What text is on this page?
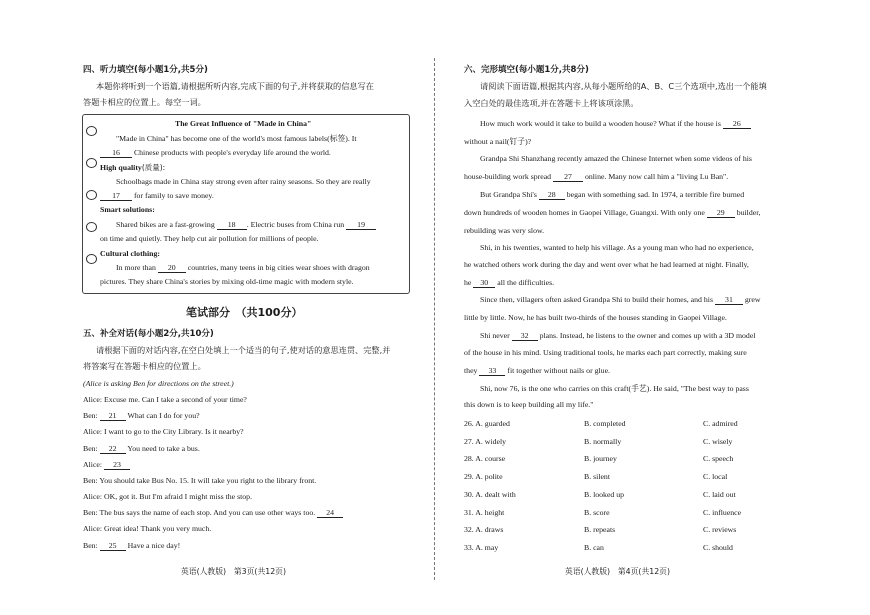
四、听力填空(每小题1分,共5分)
本题你将听到一个语篇,请根据所听内容,完成下面的句子,并将获取的信息写在
答题卡相应的位置上。每空一词。
The Great Influence of "Made in China"
"Made in China" has become one of the world's most famous labels(标签). It
16 Chinese products with people's everyday life around the world.
High quality(质量):
Schoolbags made in China stay strong even after rainy seasons. So they are really
17 for family to save money.
Smart solutions:
Shared bikes are a fast-growing 18 . Electric buses from China run 19
on time and quietly. They help cut air pollution for millions of people.
Cultural clothing:
In more than 20 countries, many teens in big cities wear shoes with dragon
pictures. They share China's stories by mixing old-time magic with modern style.
笔试部分　（共100分）
五、补全对话(每小题2分,共10分)
请根据下面的对话内容,在空白处填上一个适当的句子,使对话的意思连贯、完整,并
将答案写在答题卡相应的位置上。
(Alice is asking Ben for directions on the street.)
Alice: Excuse me. Can I take a second of your time?
Ben: 21 What can I do for you?
Alice: I want to go to the City Library. Is it nearby?
Ben: 22 You need to take a bus.
Alice: 23
Ben: You should take Bus No. 15. It will take you right to the library front.
Alice: OK, got it. But I'm afraid I might miss the stop.
Ben: The bus says the name of each stop. And you can use other ways too. 24
Alice: Great idea! Thank you very much.
Ben: 25 Have a nice day!
英语(人教版)　第3页(共12页)
六、完形填空(每小题1分,共8分)
请阅读下面语篇,根据其内容,从每小题所给的A、B、C三个选项中,选出一个能填
入空白处的最佳选项,并在答题卡上将该项涂黑。
How much work would it take to build a wooden house? What if the house is 26
without a nail(钉子)?
Grandpa Shi Shanzhang recently amazed the Chinese Internet when some videos of his
house-building work spread 27 online. Many now call him a "living Lu Ban".
But Grandpa Shi's 28 began with something sad. In 1974, a terrible fire burned
down hundreds of wooden homes in Gaopei Village, Guangxi. With only one 29 builder,
rebuilding was very slow.
Shi, in his twenties, wanted to help his village. As a young man who had no experience,
he watched others work during the day and went over what he had learned at night. Finally,
he 30 all the difficulties.
Since then, villagers often asked Grandpa Shi to build their homes, and his 31 grew
little by little. Now, he has built two-thirds of the houses standing in Gaopei Village.
Shi never 32 plans. Instead, he listens to the owner and comes up with a 3D model
of the house in his mind. Using traditional tools, he marks each part correctly, making sure
they 33 fit together without nails or glue.
Shi, now 76, is the one who carries on this craft(手艺). He said, "The best way to pass
this down is to keep building all my life."
26. A. guarded	B. completed	C. admired
27. A. widely	B. normally	C. wisely
28. A. course	B. journey	C. speech
29. A. polite	B. silent	C. local
30. A. dealt with	B. looked up	C. laid out
31. A. height	B. score	C. influence
32. A. draws	B. repeats	C. reviews
33. A. may	B. can	C. should
英语(人教版)　第4页(共12页)
